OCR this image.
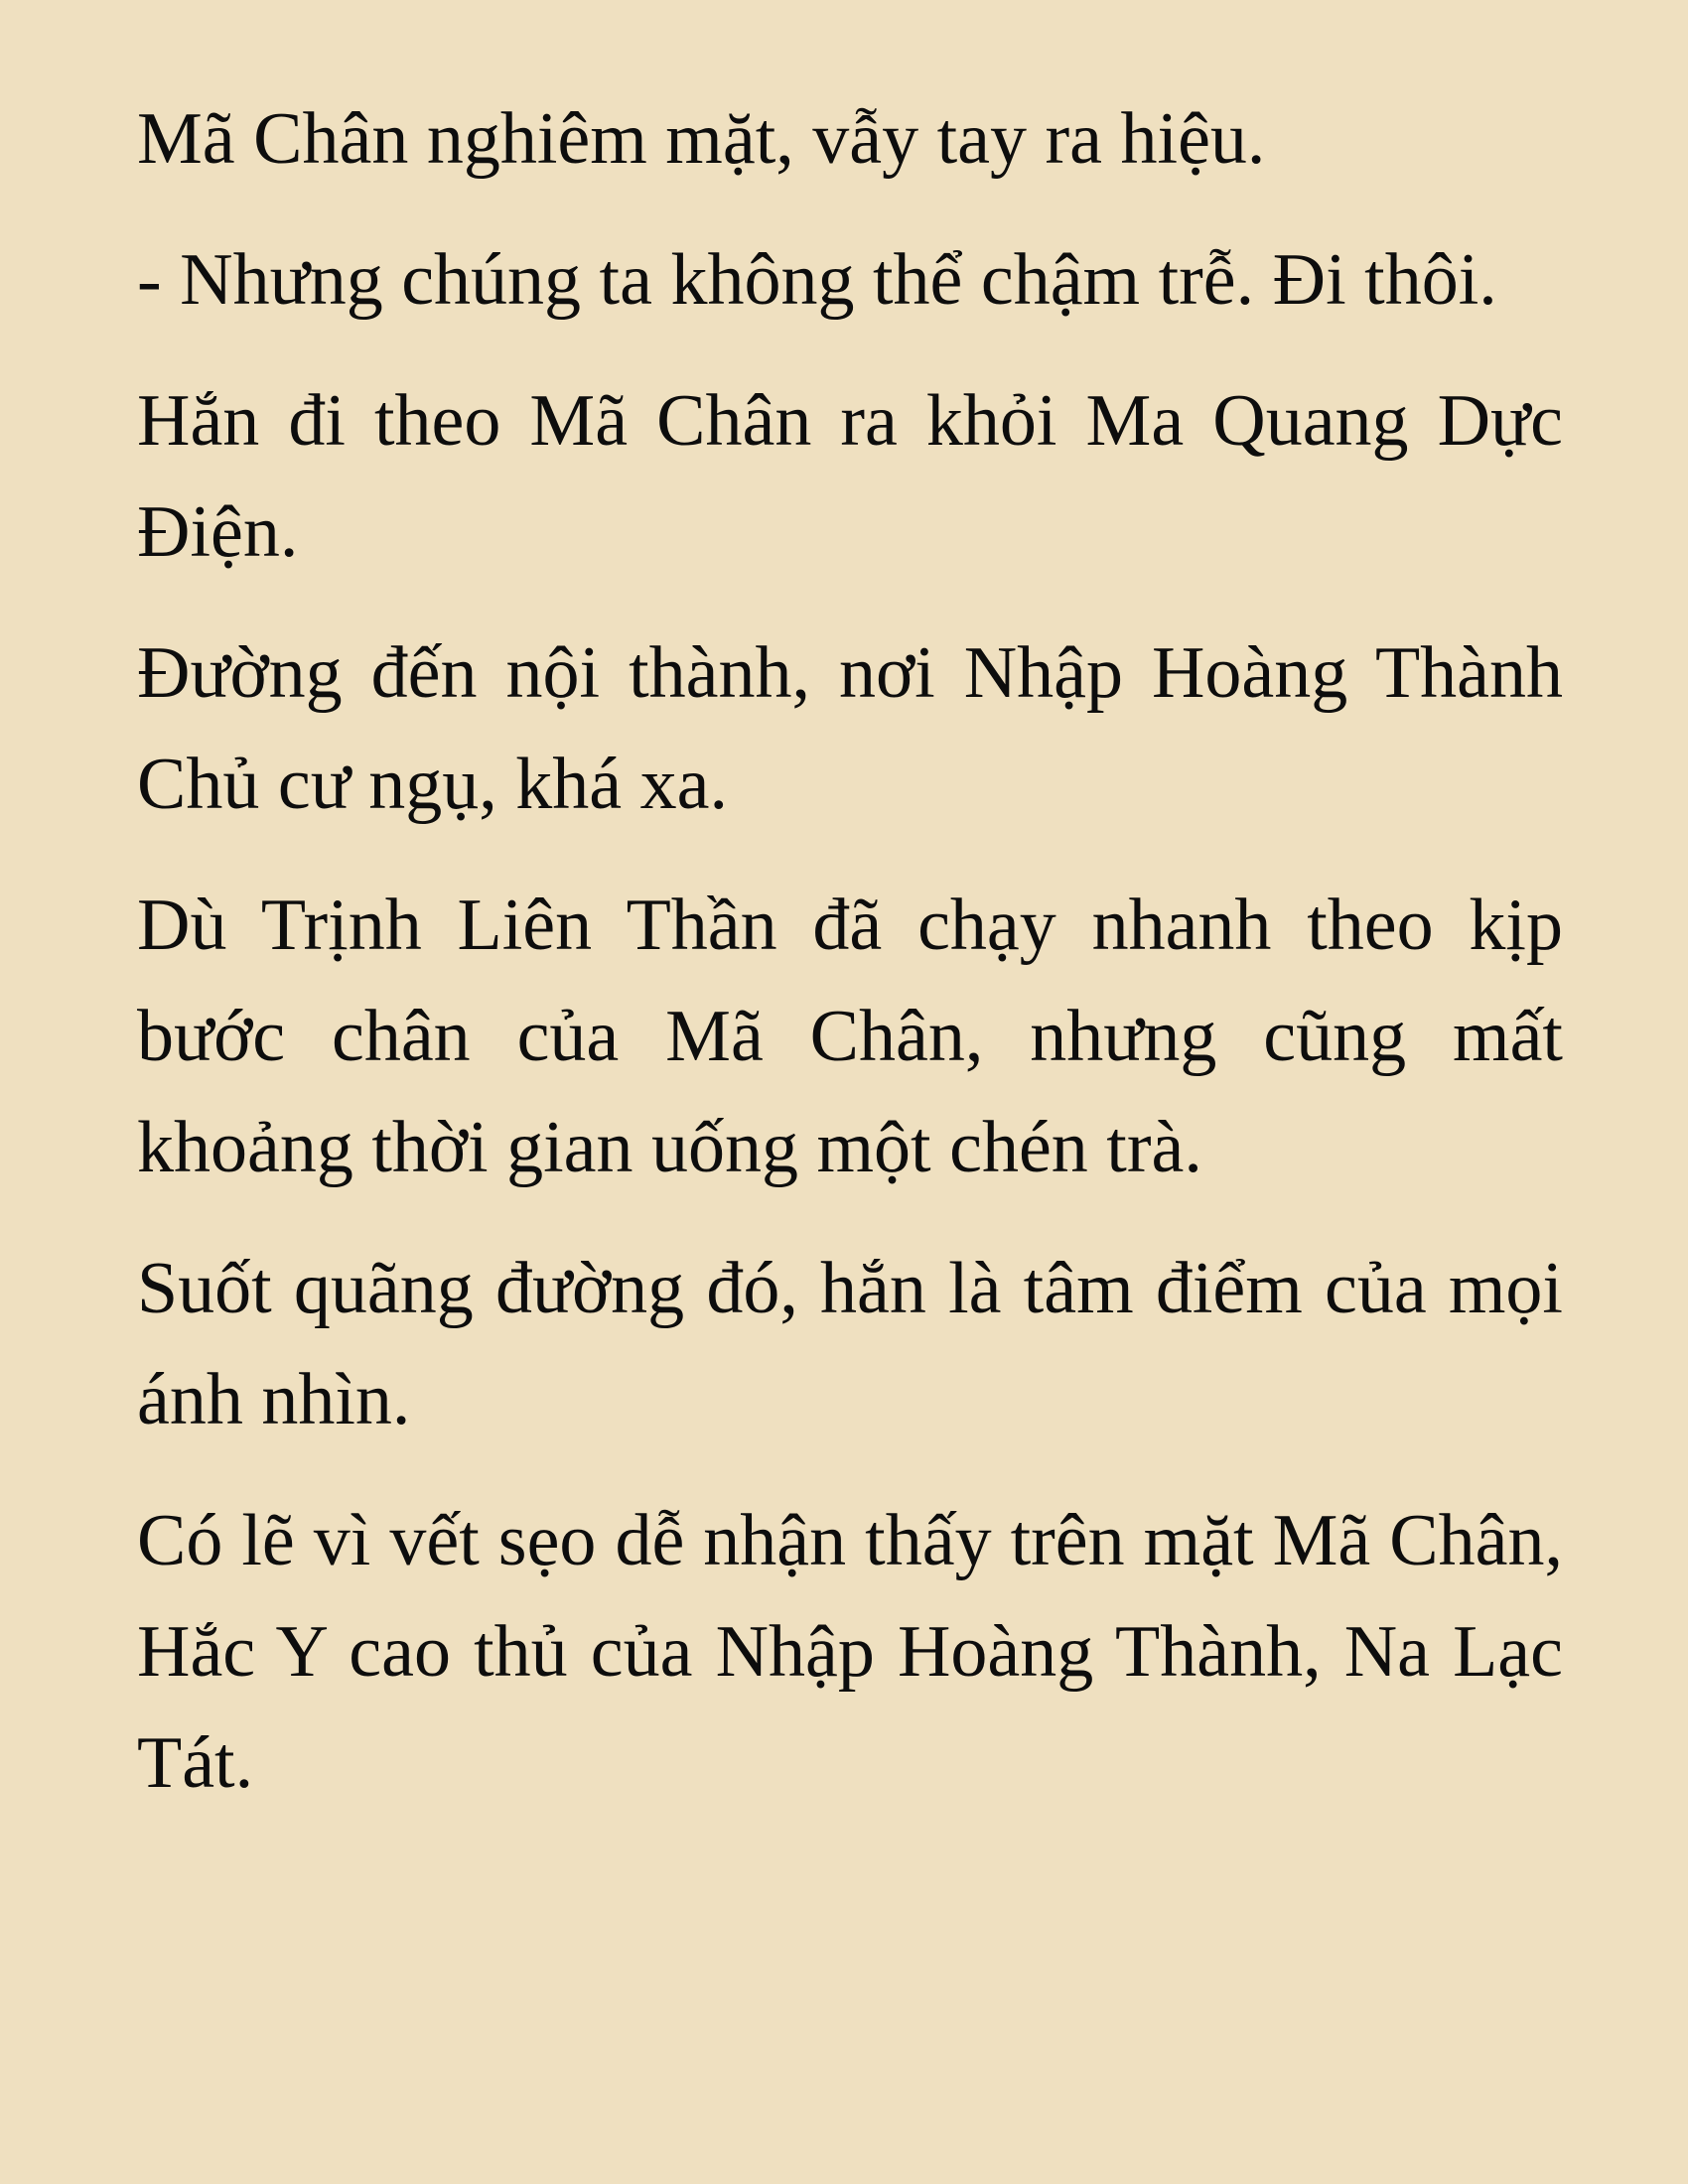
Mã Chân nghiêm mặt, vẫy tay ra hiệu.

- Nhưng chúng ta không thể chậm trễ. Đi thôi.

Hắn đi theo Mã Chân ra khỏi Ma Quang Dực Điện.

Đường đến nội thành, nơi Nhập Hoàng Thành Chủ cư ngụ, khá xa.

Dù Trịnh Liên Thần đã chạy nhanh theo kịp bước chân của Mã Chân, nhưng cũng mất khoảng thời gian uống một chén trà.

Suốt quãng đường đó, hắn là tâm điểm của mọi ánh nhìn.

Có lẽ vì vết sẹo dễ nhận thấy trên mặt Mã Chân, Hắc Y cao thủ của Nhập Hoàng Thành, Na Lạc Tát.
